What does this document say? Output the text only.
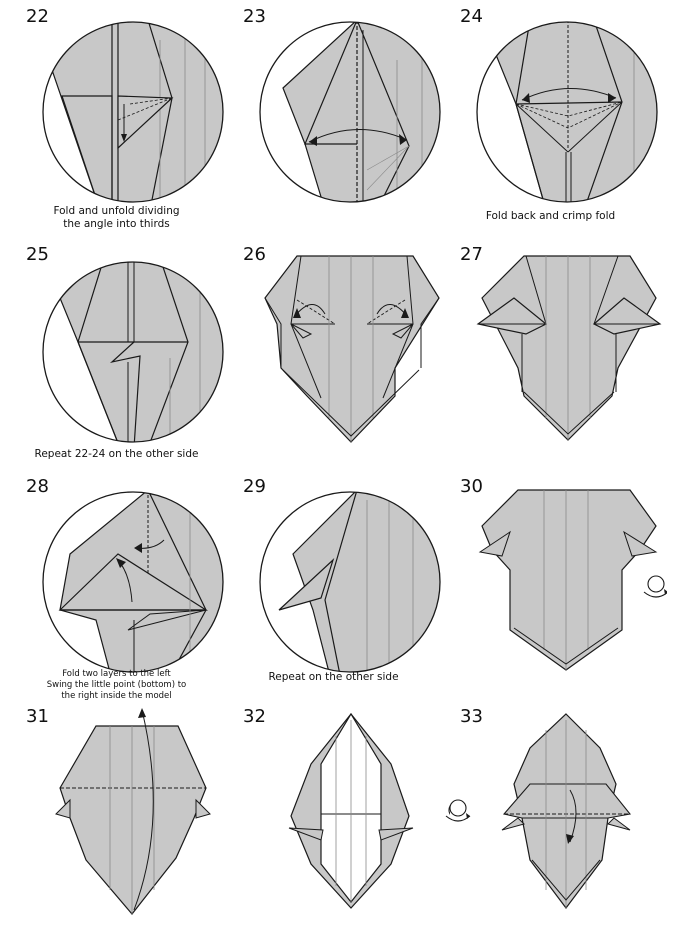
22
Fold and unfold dividing
the angle into thirds
23	24
Fold back and crimp fold
25
Repeat 22-24 on the other side
26	27
28
Fold two layers to the left
Swing the little point (bottom) to
the right inside the model
29
Repeat on the other side
30
31	32	33
